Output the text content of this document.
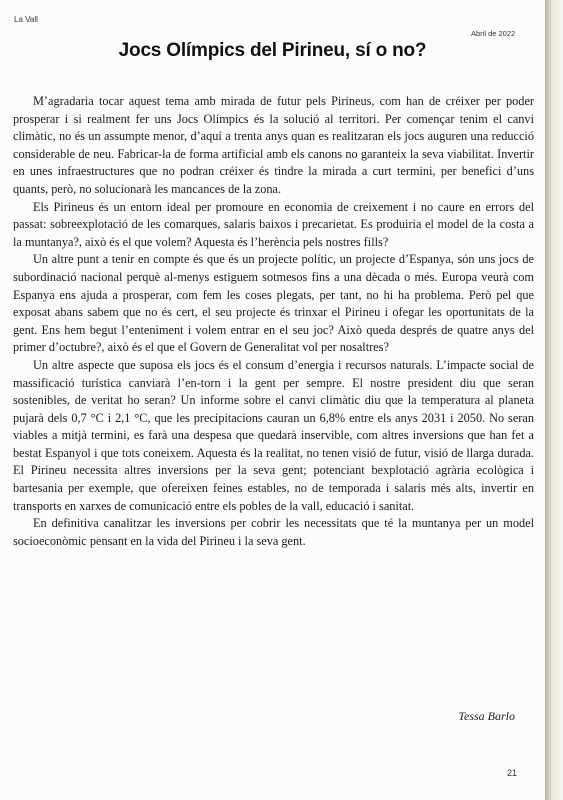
La Vall
Abril de 2022
Jocs Olímpics del Pirineu, sí o no?

M’agradaria tocar aquest tema amb mirada de futur pels Pirineus, com han de créixer per poder prosperar i si realment fer uns Jocs Olímpics és la solució al territori. Per començar tenim el canvi climàtic, no és un assumpte menor, d’aquí a trenta anys quan es realitzaran els jocs auguren una reducció considerable de neu. Fabricar-la de forma artificial amb els canons no garanteix la seva viabilitat. Invertir en unes infraestructures que no podran créixer és tindre la mirada a curt termini, per benefici d’uns quants, però, no solucionarà les mancances de la zona.

Els Pirineus és un entorn ideal per promoure en economia de creixement i no caure en errors del passat: sobreexplotació de les comarques, salaris baixos i precarietat. Es produiria el model de la costa a la muntanya?, això és el que volem? Aquesta és l’herència pels nostres fills?

Un altre punt a tenir en compte és que és un projecte polític, un projecte d’Espanya, són uns jocs de subordinació nacional perquè al-menys estiguem sotmesos fins a una dècada o més. Europa veurà com Espanya ens ajuda a prosperar, com fem les coses plegats, per tant, no hi ha problema. Però pel que exposat abans sabem que no és cert, el seu projecte és trinxar el Pirineu i ofegar les oportunitats de la gent. Ens hem begut l’enteniment i volem entrar en el seu joc? Això queda després de quatre anys del primer d’octubre?, això és el que el Govern de Generalitat vol per nosaltres?

Un altre aspecte que suposa els jocs és el consum d’energia i recursos naturals. L’impacte social de massificació turística canviarà l’en-torn i la gent per sempre. El nostre president diu que seran sostenibles, de veritat ho seran? Un informe sobre el canvi climàtic diu que la temperatura al planeta pujarà dels 0,7 °C i 2,1 °C, que les precipitacions cauran un 6,8% entre els anys 2031 i 2050. No seran viables a mitjà termini, es farà una despesa que quedarà inservible, com altres inversions que han fet a bestat Espanyol i que tots coneixem. Aquesta és la realitat, no tenen visió de futur, visió de llarga durada. El Pirineu necessita altres inversions per la seva gent; potenciant bexplotació agrària ecològica i bartesania per exemple, que ofereixen feines estables, no de temporada i salaris més alts, invertir en transports en xarxes de comunicació entre els pobles de la vall, educació i sanitat.

En definitiva canalitzar les inversions per cobrir les necessitats que té la muntanya per un model socioeconòmic pensant en la vida del Pirineu i la seva gent.

Tessa Barlo
21
